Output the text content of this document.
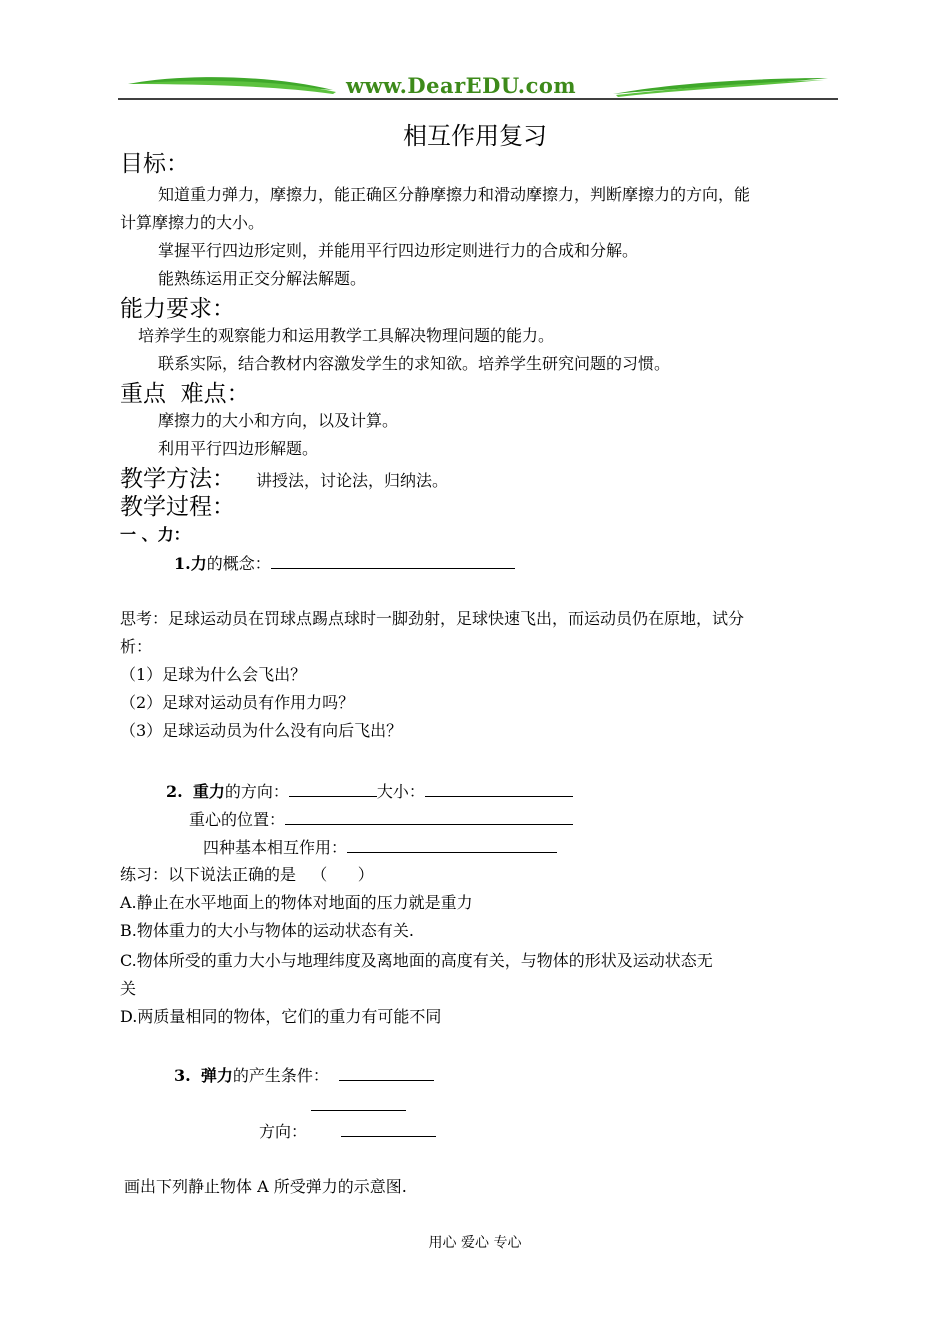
www.DearEDU.com
相互作用复习
目标：
知道重力弹力，摩擦力，能正确区分静摩擦力和滑动摩擦力，判断摩擦力的方向，能
计算摩擦力的大小。
掌握平行四边形定则，并能用平行四边形定则进行力的合成和分解。
能熟练运用正交分解法解题。
能力要求：
培养学生的观察能力和运用教学工具解决物理问题的能力。
联系实际，结合教材内容激发学生的求知欲。培养学生研究问题的习惯。
重点  难点：
摩擦力的大小和方向，以及计算。
利用平行四边形解题。
教学方法： 讲授法，讨论法，归纳法。
教学过程：
一 、力：
1.力的概念：
思考：足球运动员在罚球点踢点球时一脚劲射，足球快速飞出，而运动员仍在原地，试分
析：
（1）足球为什么会飞出？
（2）足球对运动员有作用力吗？
（3）足球运动员为什么没有向后飞出？
2. 重力的方向：	大小：
重心的位置：
四种基本相互作用：
练习：以下说法正确的是   （      ）
A.静止在水平地面上的物体对地面的压力就是重力
B.物体重力的大小与物体的运动状态有关.
C.物体所受的重力大小与地理纬度及离地面的高度有关，与物体的形状及运动状态无
关
D.两质量相同的物体，它们的重力有可能不同
3. 弹力的产生条件：
方向：
画出下列静止物体 A 所受弹力的示意图.
用心 爱心 专心
